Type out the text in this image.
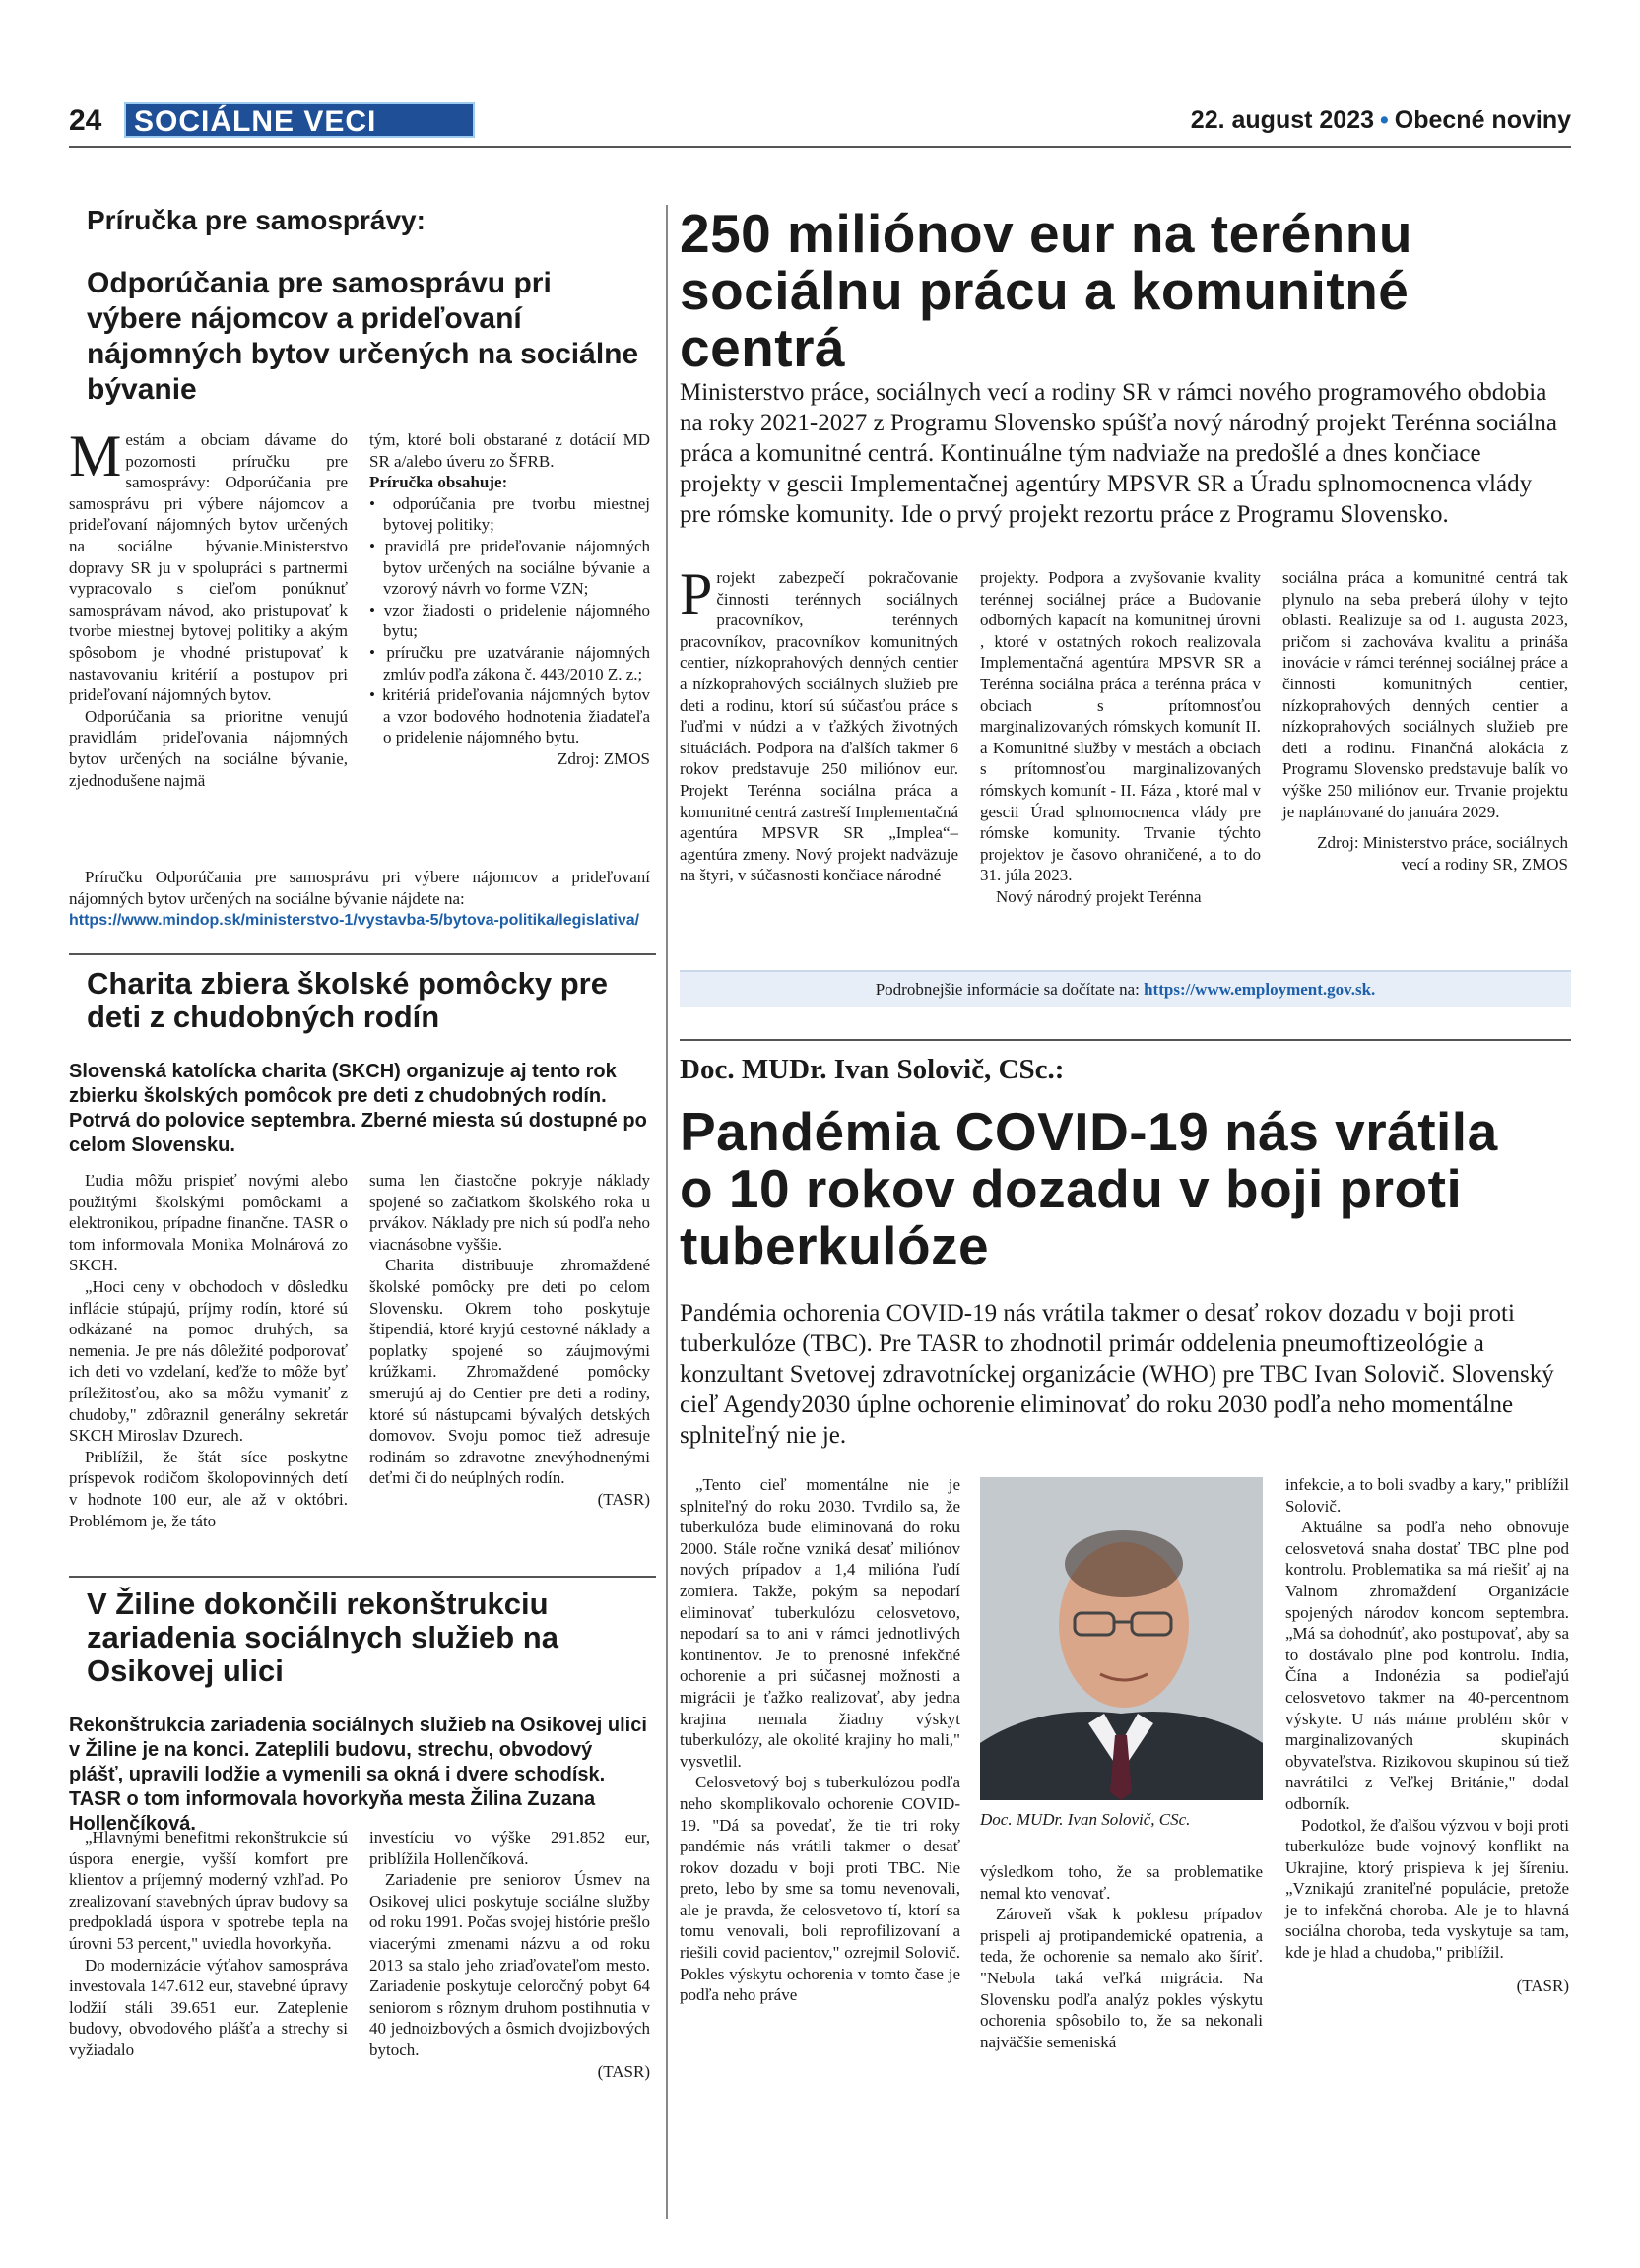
24	SOCIÁLNE VECI	22. august 2023 • Obecné noviny
Príručka pre samosprávy:
Odporúčania pre samosprávu pri výbere nájomcov a prideľovaní nájomných bytov určených na sociálne bývanie

Mestám a obciam dávame do pozornosti príručku pre samosprávy: Odporúčania pre samosprávu pri výbere nájomcov a prideľovaní nájomných bytov určených na sociálne bývanie.Ministerstvo dopravy SR ju v spolupráci s partnermi vypracovalo s cieľom ponúknuť samosprávam návod, ako pristupovať k tvorbe miestnej bytovej politiky a akým spôsobom je vhodné pristupovať k nastavovaniu kritérií a postupov pri prideľovaní nájomných bytov.

Odporúčania sa prioritne venujú pravidlám prideľovania nájomných bytov určených na sociálne bývanie, zjednodušene najmä

tým, ktoré boli obstarané z dotácií MD SR a/alebo úveru zo ŠFRB.

Príručka obsahuje:

• odporúčania pre tvorbu miestnej bytovej politiky;
• pravidlá pre prideľovanie nájomných bytov určených na sociálne bývanie a vzorový návrh vo forme VZN;
• vzor žiadosti o pridelenie nájomného bytu;
• príručku pre uzatváranie nájomných zmlúv podľa zákona č. 443/2010 Z. z.;
• kritériá prideľovania nájomných bytov a vzor bodového hodnotenia žiadateľa o pridelenie nájomného bytu.

Zdroj: ZMOS

Príručku Odporúčania pre samosprávu pri výbere nájomcov a prideľovaní nájomných bytov určených na sociálne bývanie nájdete na:

https://www.mindop.sk/ministerstvo-1/vystavba-5/bytova-politika/legislativa/

250 miliónov eur na terénnu sociálnu prácu a komunitné centrá
Ministerstvo práce, sociálnych vecí a rodiny SR v rámci nového programového obdobia na roky 2021-2027 z Programu Slovensko spúšťa nový národný projekt Terénna sociálna práca a komunitné centrá. Kontinuálne tým nadviaže na predošlé a dnes končiace projekty v gescii Implementačnej agentúry MPSVR SR a Úradu splnomocnenca vlády pre rómske komunity. Ide o prvý projekt rezortu práce z Programu Slovensko.

Projekt zabezpečí pokračovanie činnosti terénnych sociálnych pracovníkov, terénnych pracovníkov, pracovníkov komunitných centier, nízkoprahových denných centier a nízkoprahových sociálnych služieb pre deti a rodinu, ktorí sú súčasťou práce s ľuďmi v núdzi a v ťažkých životných situáciách. Podpora na ďalších takmer 6 rokov predstavuje 250 miliónov eur. Projekt Terénna sociálna práca a komunitné centrá zastreší Implementačná agentúra MPSVR SR „Implea“– agentúra zmeny. Nový projekt nadväzuje na štyri, v súčasnosti končiace národné

projekty. Podpora a zvyšovanie kvality terénnej sociálnej práce a Budovanie odborných kapacít na komunitnej úrovni , ktoré v ostatných rokoch realizovala Implementačná agentúra MPSVR SR a Terénna sociálna práca a terénna práca v obciach s prítomnosťou marginalizovaných rómskych komunít II. a Komunitné služby v mestách a obciach s prítomnosťou marginalizovaných rómskych komunít - II. Fáza , ktoré mal v gescii Úrad splnomocnenca vlády pre rómske komunity. Trvanie týchto projektov je časovo ohraničené, a to do 31. júla 2023.

Nový národný projekt Terénna

sociálna práca a komunitné centrá tak plynulo na seba preberá úlohy v tejto oblasti. Realizuje sa od 1. augusta 2023, pričom si zachováva kvalitu a prináša inovácie v rámci terénnej sociálnej práce a činnosti komunitných centier, nízkoprahových denných centier a nízkoprahových sociálnych služieb pre deti a rodinu. Finančná alokácia z Programu Slovensko predstavuje balík vo výške 250 miliónov eur. Trvanie projektu je naplánované do januára 2029.

Zdroj: Ministerstvo práce, sociálnych vecí a rodiny SR, ZMOS

Podrobnejšie informácie sa dočítate na: https://www.employment.gov.sk.
Charita zbiera školské pomôcky pre deti z chudobných rodín
Slovenská katolícka charita (SKCH) organizuje aj tento rok zbierku školských pomôcok pre deti z chudobných rodín. Potrvá do polovice septembra. Zberné miesta sú dostupné po celom Slovensku.

Ľudia môžu prispieť novými alebo použitými školskými pomôckami a elektronikou, prípadne finančne. TASR o tom informovala Monika Molnárová zo SKCH.

„Hoci ceny v obchodoch v dôsledku inflácie stúpajú, príjmy rodín, ktoré sú odkázané na pomoc druhých, sa nemenia. Je pre nás dôležité podporovať ich deti vo vzdelaní, keďže to môže byť príležitosťou, ako sa môžu vymaniť z chudoby," zdôraznil generálny sekretár SKCH Miroslav Dzurech.

Priblížil, že štát síce poskytne príspevok rodičom školopovinných detí v hodnote 100 eur, ale až v októbri. Problémom je, že táto

suma len čiastočne pokryje náklady spojené so začiatkom školského roka u prvákov. Náklady pre nich sú podľa neho viacnásobne vyššie.

Charita distribuuje zhromaždené školské pomôcky pre deti po celom Slovensku. Okrem toho poskytuje štipendiá, ktoré kryjú cestovné náklady a poplatky spojené so záujmovými krúžkami. Zhromaždené pomôcky smerujú aj do Centier pre deti a rodiny, ktoré sú nástupcami bývalých detských domovov. Svoju pomoc tiež adresuje rodinám so zdravotne znevýhodnenými deťmi či do neúplných rodín.

(TASR)

V Žiline dokončili rekonštrukciu zariadenia sociálnych služieb na Osikovej ulici
Rekonštrukcia zariadenia sociálnych služieb na Osikovej ulici v Žiline je na konci. Zateplili budovu, strechu, obvodový plášť, upravili lodžie a vymenili sa okná i dvere schodísk. TASR o tom informovala hovorkyňa mesta Žilina Zuzana Hollenčíková.

„Hlavnými benefitmi rekonštrukcie sú úspora energie, vyšší komfort pre klientov a príjemný moderný vzhľad. Po zrealizovaní stavebných úprav budovy sa predpokladá úspora v spotrebe tepla na úrovni 53 percent," uviedla hovorkyňa.

Do modernizácie výťahov samospráva investovala 147.612 eur, stavebné úpravy lodžií stáli 39.651 eur. Zateplenie budovy, obvodového plášťa a strechy si vyžiadalo

investíciu vo výške 291.852 eur, priblížila Hollenčíková.

Zariadenie pre seniorov Úsmev na Osikovej ulici poskytuje sociálne služby od roku 1991. Počas svojej histórie prešlo viacerými zmenami názvu a od roku 2013 sa stalo jeho zriaďovateľom mesto. Zariadenie poskytuje celoročný pobyt 64 seniorom s rôznym druhom postihnutia v 40 jednoizbových a ôsmich dvojizbových bytoch.

(TASR)

Doc. MUDr. Ivan Solovič, CSc.:
Pandémia COVID-19 nás vrátila o 10 rokov dozadu v boji proti tuberkulóze
Pandémia ochorenia COVID-19 nás vrátila takmer o desať rokov dozadu v boji proti tuberkulóze (TBC). Pre TASR to zhodnotil primár oddelenia pneumoftizeológie a konzultant Svetovej zdravotníckej organizácie (WHO) pre TBC Ivan Solovič. Slovenský cieľ Agendy2030 úplne ochorenie eliminovať do roku 2030 podľa neho momentálne splniteľný nie je.

„Tento cieľ momentálne nie je splniteľný do roku 2030. Tvrdilo sa, že tuberkulóza bude eliminovaná do roku 2000. Stále ročne vzniká desať miliónov nových prípadov a 1,4 milióna ľudí zomiera. Takže, pokým sa nepodarí eliminovať tuberkulózu celosvetovo, nepodarí sa to ani v rámci jednotlivých kontinentov. Je to prenosné infekčné ochorenie a pri súčasnej možnosti a migrácii je ťažko realizovať, aby jedna krajina nemala žiadny výskyt tuberkulózy, ale okolité krajiny ho mali," vysvetlil.

Celosvetový boj s tuberkulózou podľa neho skomplikovalo ochorenie COVID-19. "Dá sa povedať, že tie tri roky pandémie nás vrátili takmer o desať rokov dozadu v boji proti TBC. Nie preto, lebo by sme sa tomu nevenovali, ale je pravda, že celosvetovo tí, ktorí sa tomu venovali, boli reprofilizovaní a riešili covid pacientov," ozrejmil Solovič. Pokles výskytu ochorenia v tomto čase je podľa neho práve

Doc. MUDr. Ivan Solovič, CSc.

výsledkom toho, že sa problematike nemal kto venovať.

Zároveň však k poklesu prípadov prispeli aj protipandemické opatrenia, a teda, že ochorenie sa nemalo ako šíriť. "Nebola taká veľká migrácia. Na Slovensku podľa analýz pokles výskytu ochorenia spôsobilo to, že sa nekonali najväčšie semeniská

infekcie, a to boli svadby a kary," priblížil Solovič.

Aktuálne sa podľa neho obnovuje celosvetová snaha dostať TBC plne pod kontrolu. Problematika sa má riešiť aj na Valnom zhromaždení Organizácie spojených národov koncom septembra. „Má sa dohodnúť, ako postupovať, aby sa to dostávalo plne pod kontrolu. India, Čína a Indonézia sa podieľajú celosvetovo takmer na 40-percentnom výskyte. U nás máme problém skôr v marginalizovaných skupinách obyvateľstva. Rizikovou skupinou sú tiež navrátilci z Veľkej Británie," dodal odborník.

Podotkol, že ďalšou výzvou v boji proti tuberkulóze bude vojnový konflikt na Ukrajine, ktorý prispieva k jej šíreniu. „Vznikajú zraniteľné populácie, pretože je to infekčná choroba. Ale je to hlavná sociálna choroba, teda vyskytuje sa tam, kde je hlad a chudoba," priblížil.

(TASR)
